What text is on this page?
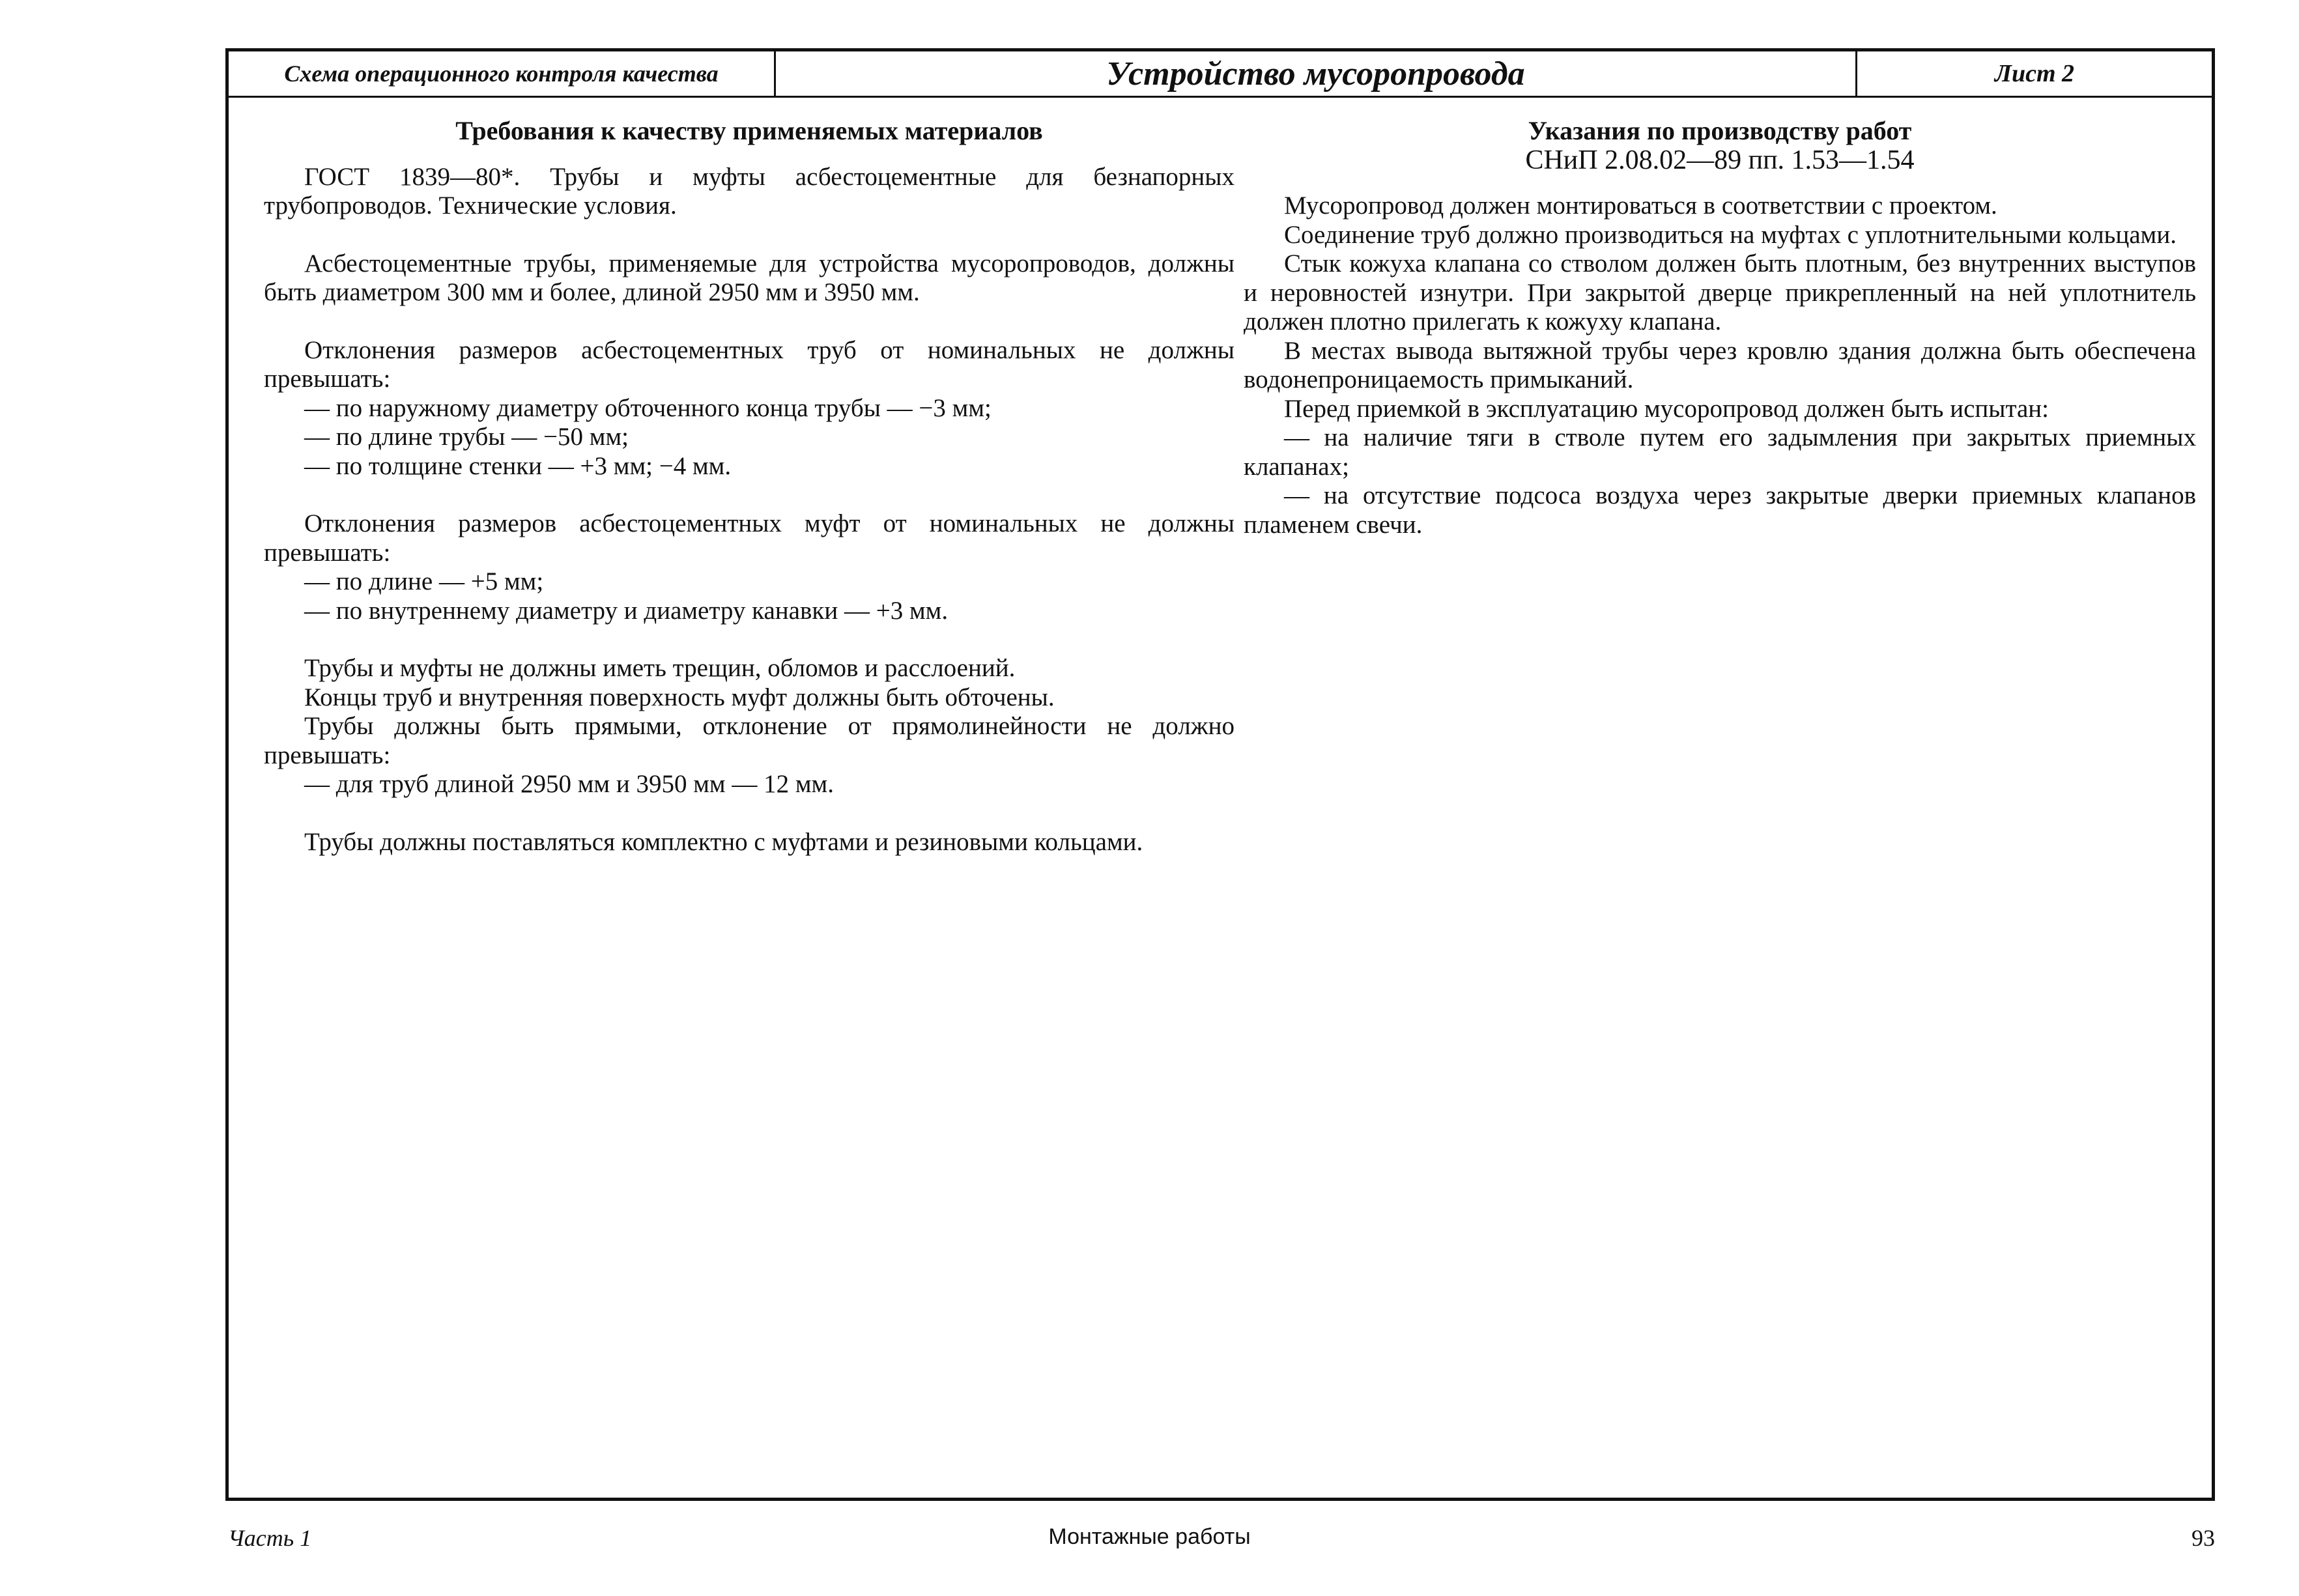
Схема операционного контроля качества	Устройство мусоропровода	Лист 2

Требования к качеству применяемых материалов

ГОСТ 1839—80*. Трубы и муфты асбестоцементные для безнапорных трубопроводов. Технические условия.

Асбестоцементные трубы, применяемые для устройства мусоропроводов, должны быть диаметром 300 мм и более, длиной 2950 мм и 3950 мм.

Отклонения размеров асбестоцементных труб от номинальных не должны превышать:

— по наружному диаметру обточенного конца трубы — −3 мм;

— по длине трубы — −50 мм;

— по толщине стенки — +3 мм; −4 мм.

Отклонения размеров асбестоцементных муфт от номинальных не должны превышать:

— по длине — +5 мм;

— по внутреннему диаметру и диаметру канавки — +3 мм.

Трубы и муфты не должны иметь трещин, обломов и расслоений.

Концы труб и внутренняя поверхность муфт должны быть обточены.

Трубы должны быть прямыми, отклонение от прямолинейности не должно превышать:

— для труб длиной 2950 мм и 3950 мм — 12 мм.

Трубы должны поставляться комплектно с муфтами и резиновыми кольцами.

Указания по производству работ

СНиП 2.08.02—89 пп. 1.53—1.54

Мусоропровод должен монтироваться в соответствии с проектом.

Соединение труб должно производиться на муфтах с уплотнительными кольцами.

Стык кожуха клапана со стволом должен быть плотным, без внутренних выступов и неровностей изнутри. При закрытой дверце прикрепленный на ней уплотнитель должен плотно прилегать к кожуху клапана.

В местах вывода вытяжной трубы через кровлю здания должна быть обеспечена водонепроницаемость примыканий.

Перед приемкой в эксплуатацию мусоропровод должен быть испытан:

— на наличие тяги в стволе путем его задымления при закрытых приемных клапанах;

— на отсутствие подсоса воздуха через закрытые дверки приемных клапанов пламенем свечи.

Часть 1	Монтажные работы	93
